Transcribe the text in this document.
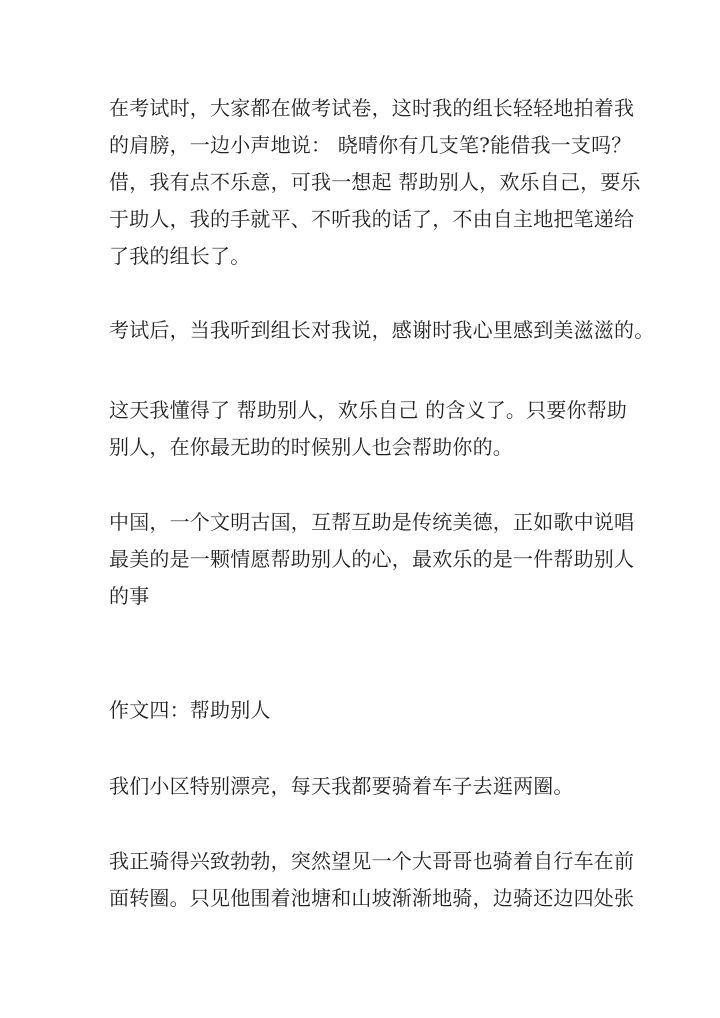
在考试时，大家都在做考试卷，这时我的组长轻轻地拍着我
的肩膀，一边小声地说： 晓晴你有几支笔?能借我一支吗？
借，我有点不乐意，可我一想起 帮助别人，欢乐自己，要乐
于助人，我的手就平、不听我的话了，不由自主地把笔递给
了我的组长了。

考试后，当我听到组长对我说，感谢时我心里感到美滋滋的。

这天我懂得了 帮助别人，欢乐自己 的含义了。只要你帮助
别人，在你最无助的时候别人也会帮助你的。

中国，一个文明古国，互帮互助是传统美德，正如歌中说唱
最美的是一颗情愿帮助别人的心，最欢乐的是一件帮助别人
的事

作文四：帮助别人

我们小区特别漂亮，每天我都要骑着车子去逛两圈。

我正骑得兴致勃勃，突然望见一个大哥哥也骑着自行车在前
面转圈。只见他围着池塘和山坡渐渐地骑，边骑还边四处张
